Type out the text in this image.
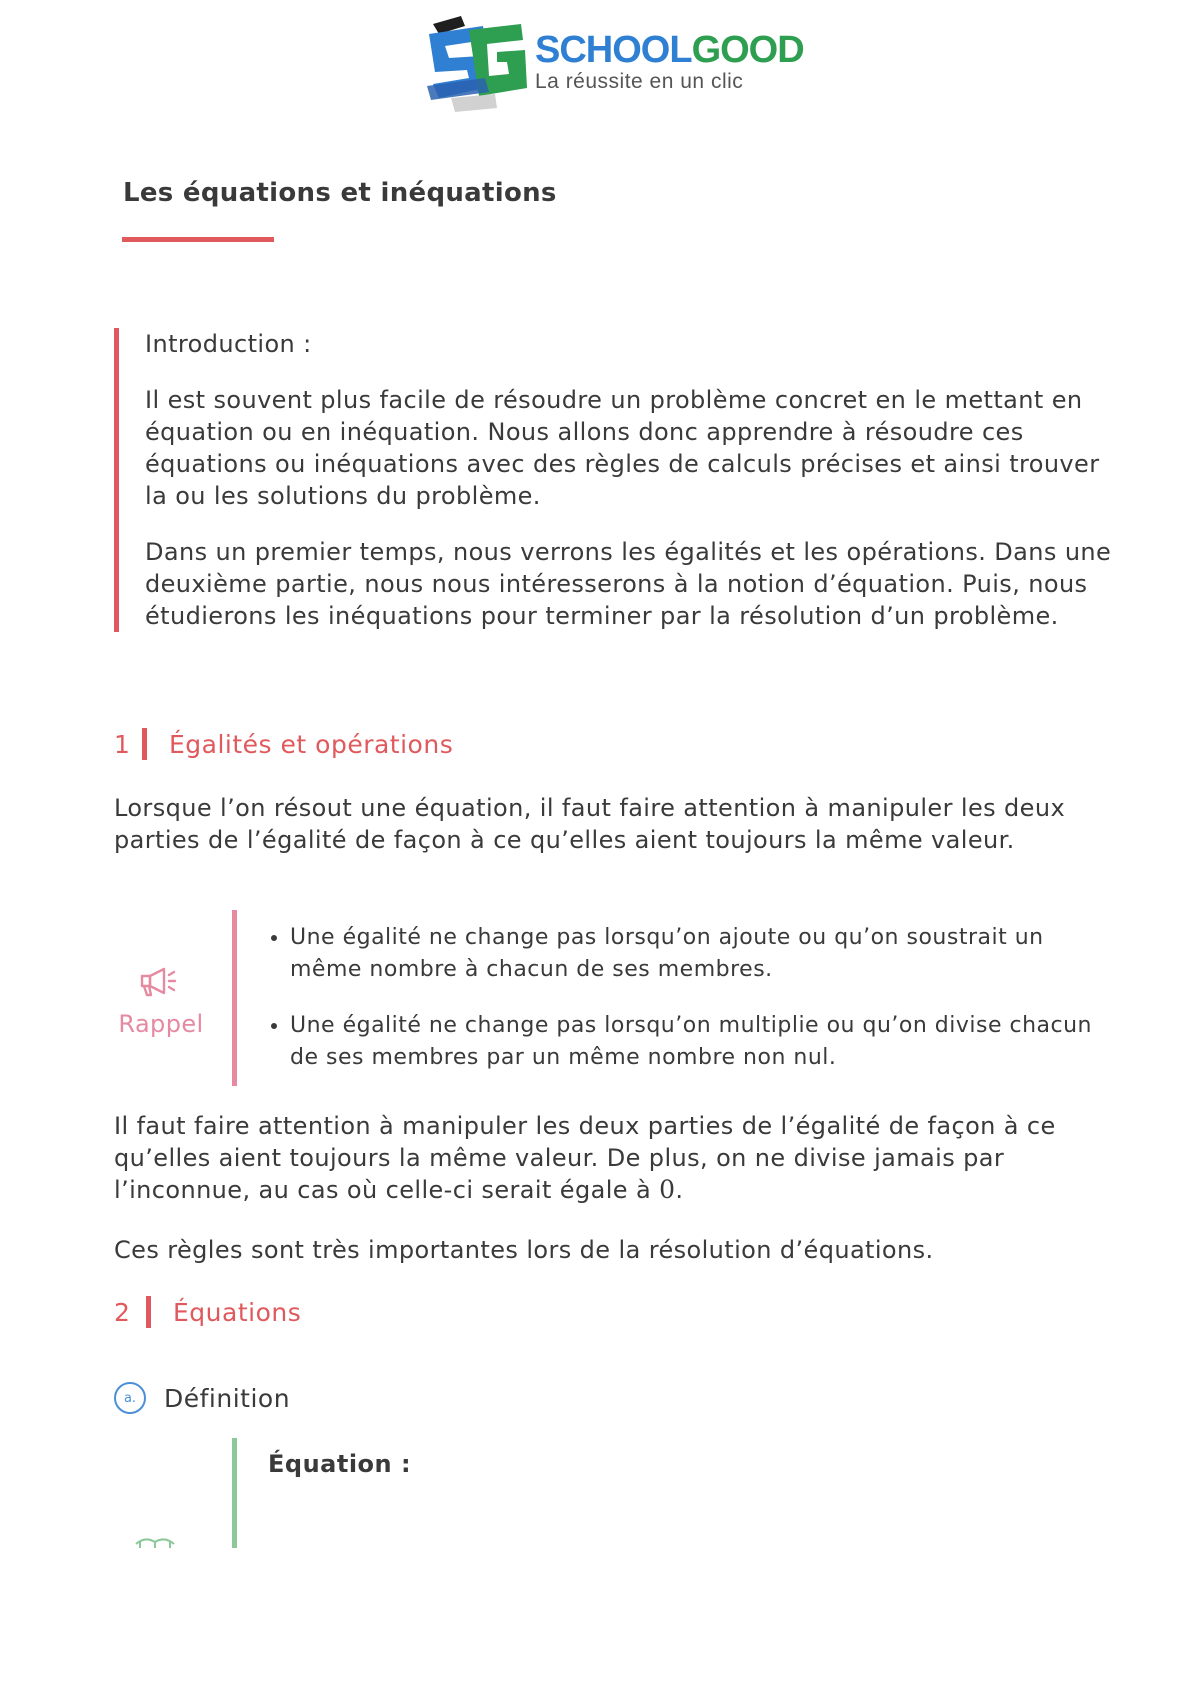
SCHOOLGOOD
La réussite en un clic
Les équations et inéquations

Introduction :

Il est souvent plus facile de résoudre un problème concret en le mettant en équation ou en inéquation. Nous allons donc apprendre à résoudre ces équations ou inéquations avec des règles de calculs précises et ainsi trouver la ou les solutions du problème.

Dans un premier temps, nous verrons les égalités et les opérations. Dans une deuxième partie, nous nous intéresserons à la notion d’équation. Puis, nous étudierons les inéquations pour terminer par la résolution d’un problème.

1	Égalités et opérations

Lorsque l’on résout une équation, il faut faire attention à manipuler les deux parties de l’égalité de façon à ce qu’elles aient toujours la même valeur.

Rappel
• Une égalité ne change pas lorsqu’on ajoute ou qu’on soustrait un même nombre à chacun de ses membres.
• Une égalité ne change pas lorsqu’on multiplie ou qu’on divise chacun de ses membres par un même nombre non nul.

Il faut faire attention à manipuler les deux parties de l’égalité de façon à ce qu’elles aient toujours la même valeur. De plus, on ne divise jamais par l’inconnue, au cas où celle-ci serait égale à 0.

Ces règles sont très importantes lors de la résolution d’équations.

2	Équations
a.	Définition
Équation :
